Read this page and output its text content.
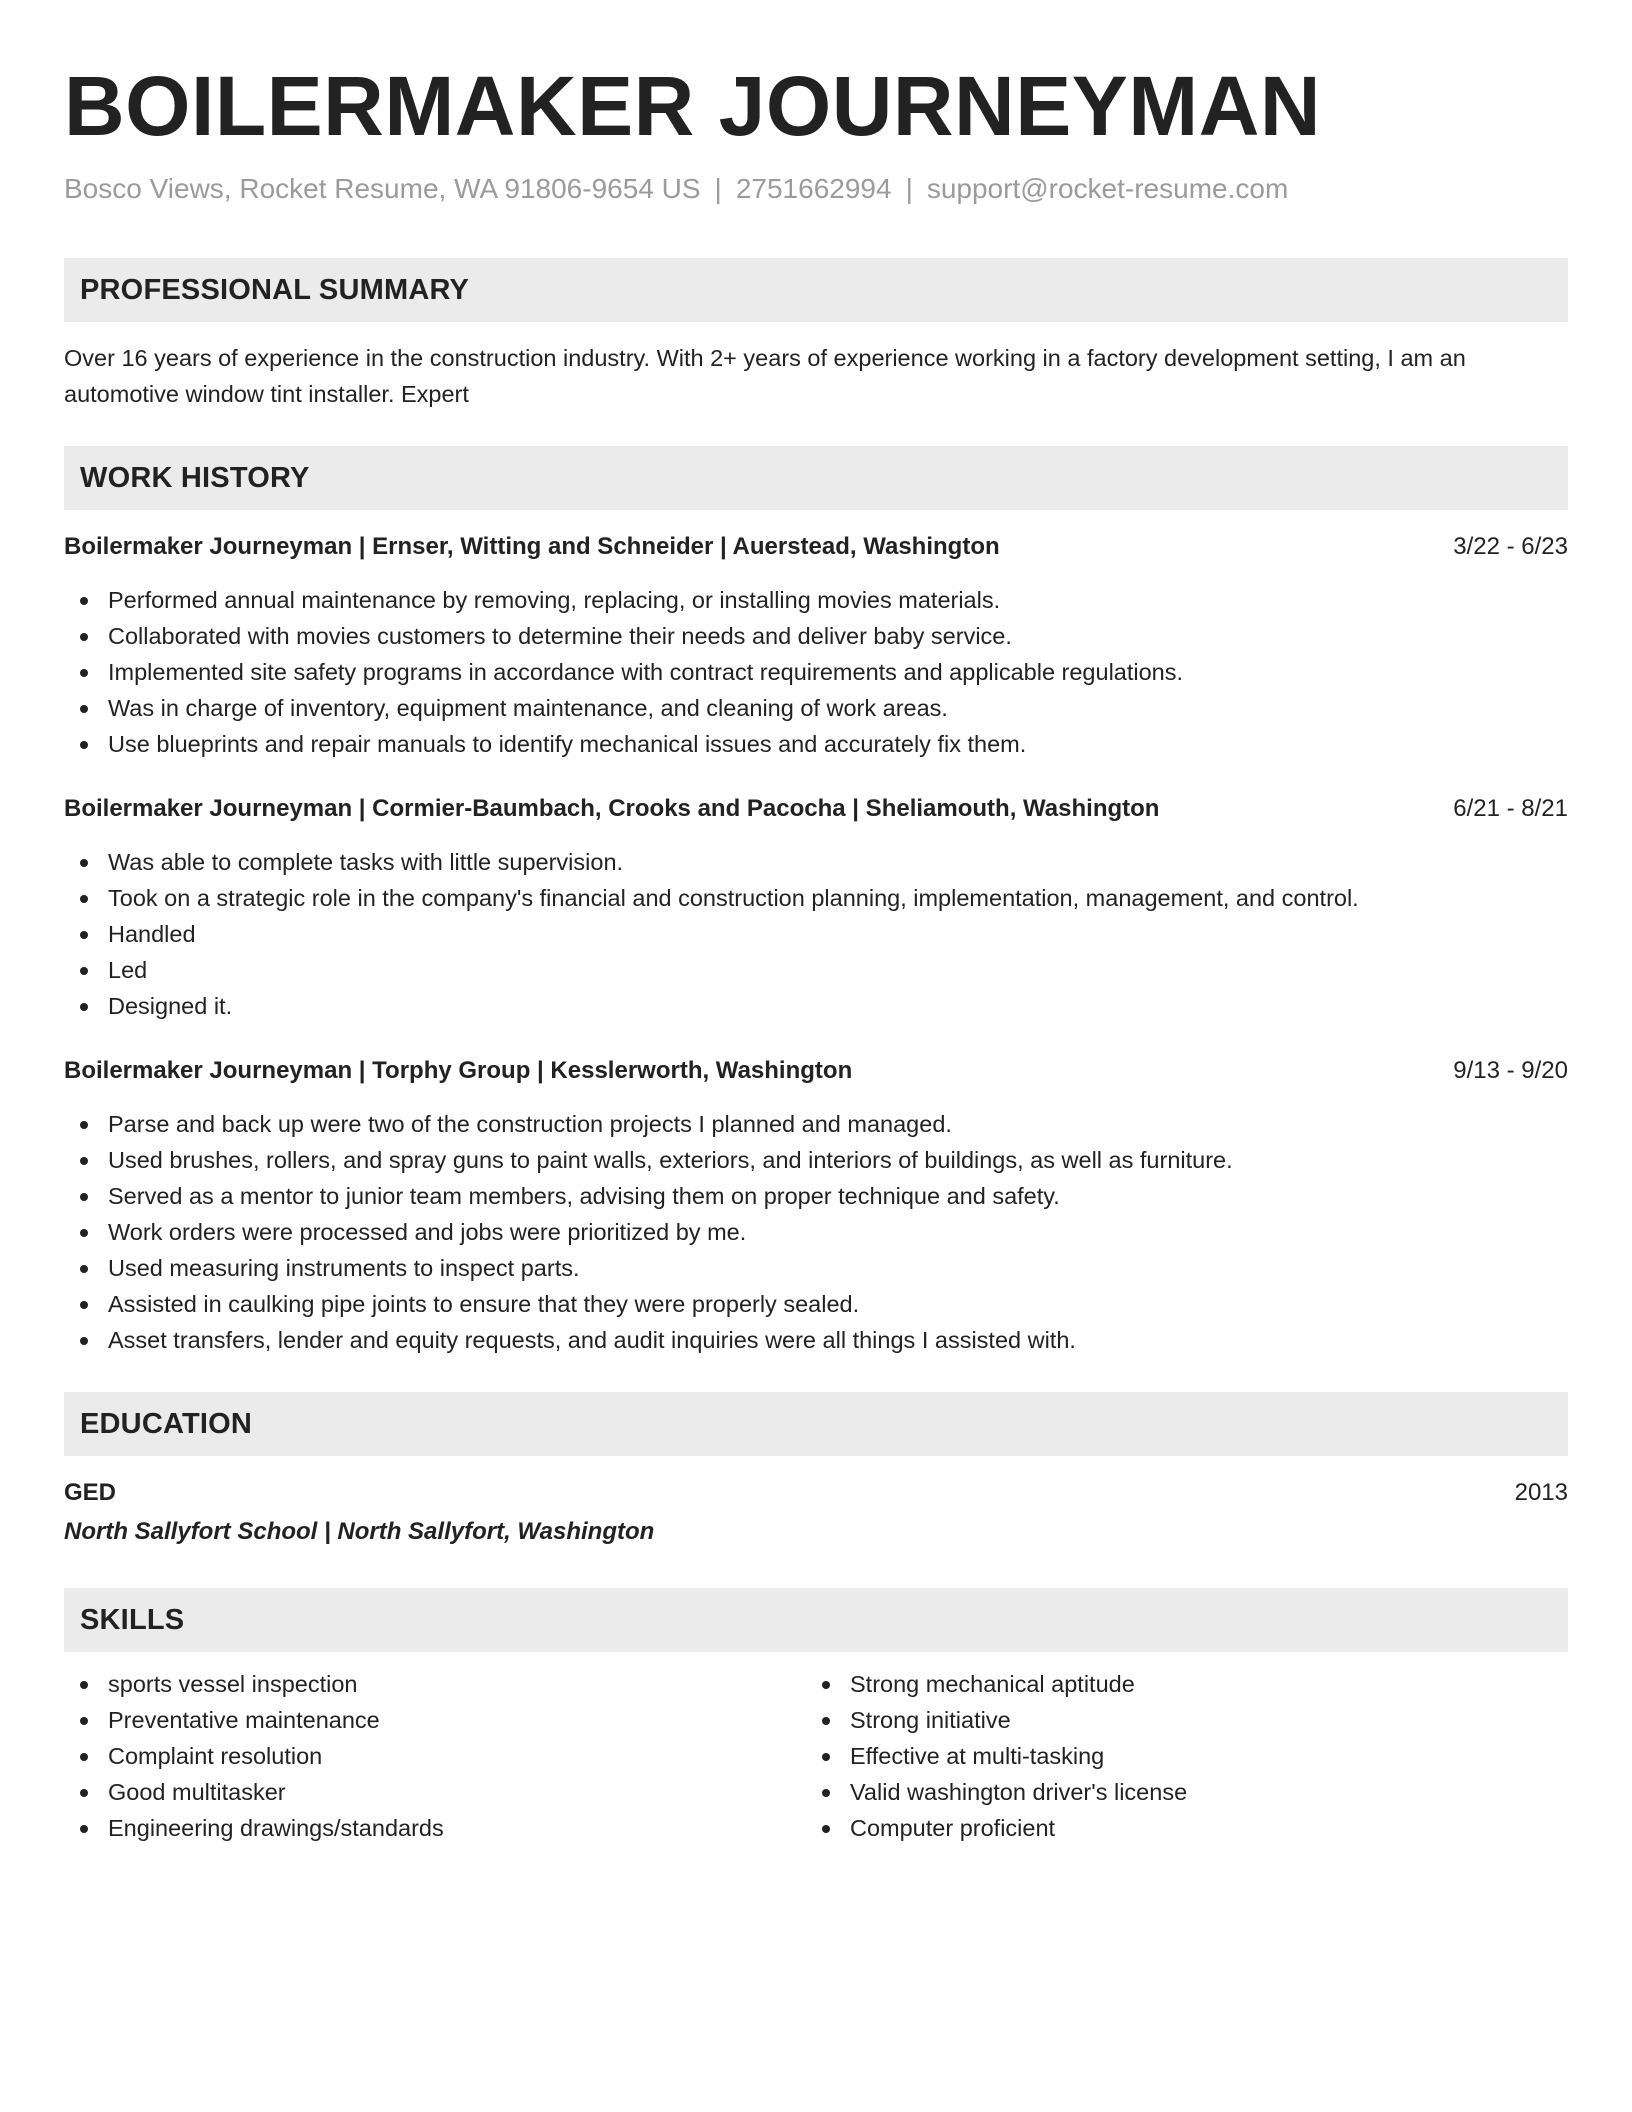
BOILERMAKER JOURNEYMAN
Bosco Views, Rocket Resume, WA 91806-9654 US | 2751662994 | support@rocket-resume.com
PROFESSIONAL SUMMARY
Over 16 years of experience in the construction industry. With 2+ years of experience working in a factory development setting, I am an automotive window tint installer. Expert
WORK HISTORY
Boilermaker Journeyman | Ernser, Witting and Schneider | Auerstead, Washington	3/22 - 6/23
Performed annual maintenance by removing, replacing, or installing movies materials.
Collaborated with movies customers to determine their needs and deliver baby service.
Implemented site safety programs in accordance with contract requirements and applicable regulations.
Was in charge of inventory, equipment maintenance, and cleaning of work areas.
Use blueprints and repair manuals to identify mechanical issues and accurately fix them.
Boilermaker Journeyman | Cormier-Baumbach, Crooks and Pacocha | Sheliamouth, Washington	6/21 - 8/21
Was able to complete tasks with little supervision.
Took on a strategic role in the company's financial and construction planning, implementation, management, and control.
Handled
Led
Designed it.
Boilermaker Journeyman | Torphy Group | Kesslerworth, Washington	9/13 - 9/20
Parse and back up were two of the construction projects I planned and managed.
Used brushes, rollers, and spray guns to paint walls, exteriors, and interiors of buildings, as well as furniture.
Served as a mentor to junior team members, advising them on proper technique and safety.
Work orders were processed and jobs were prioritized by me.
Used measuring instruments to inspect parts.
Assisted in caulking pipe joints to ensure that they were properly sealed.
Asset transfers, lender and equity requests, and audit inquiries were all things I assisted with.
EDUCATION
GED	2013
North Sallyfort School | North Sallyfort, Washington
SKILLS
sports vessel inspection
Preventative maintenance
Complaint resolution
Good multitasker
Engineering drawings/standards
Strong mechanical aptitude
Strong initiative
Effective at multi-tasking
Valid washington driver's license
Computer proficient
